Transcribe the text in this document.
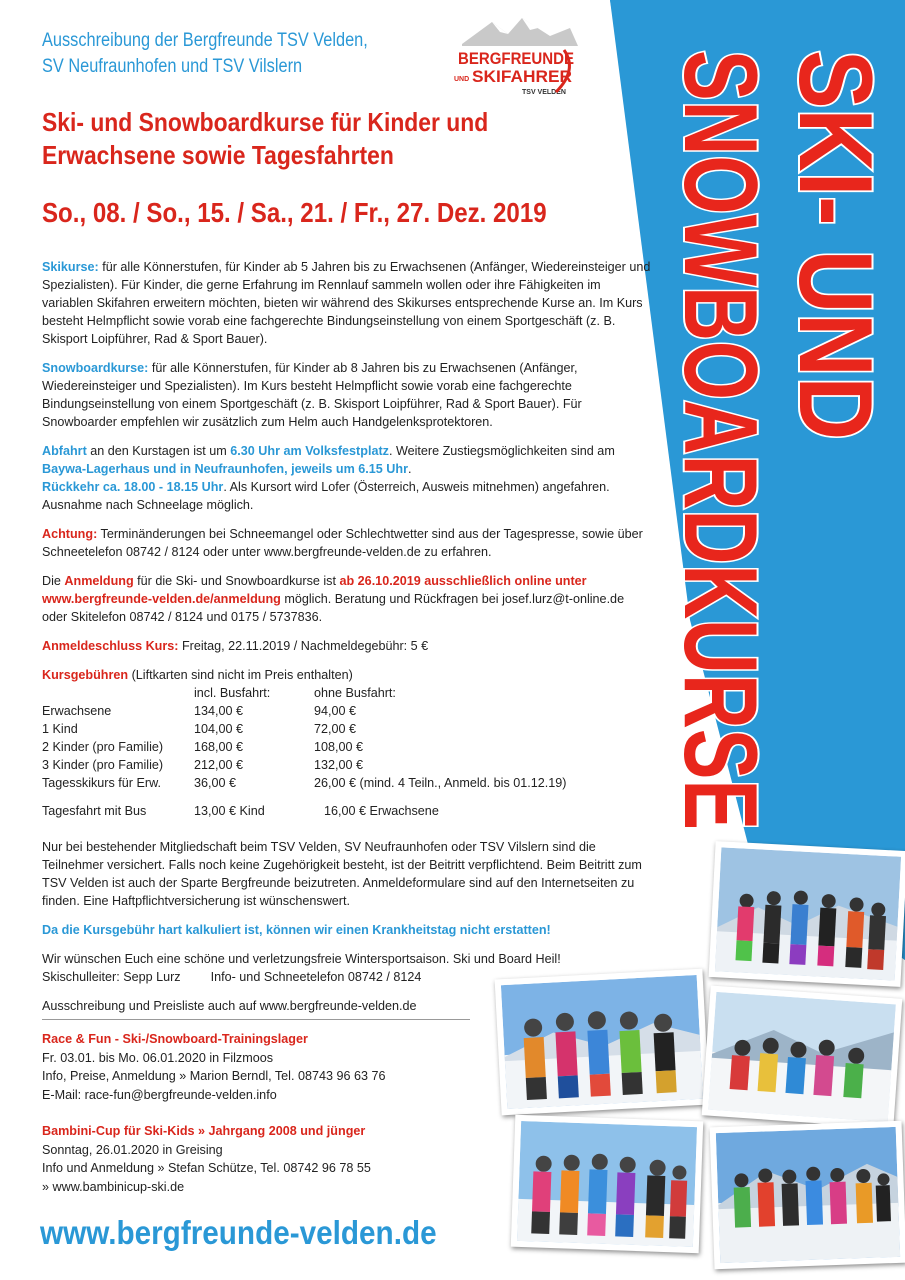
SKI- UND
SNOWBOARDKURSE
Ausschreibung der Bergfreunde TSV Velden,
SV Neufraunhofen und TSV Vilslern	BERGFREUNDE
UND SKIFAHRER
TSV VELDEN
Ski- und Snowboardkurse für Kinder und
Erwachsene sowie Tagesfahrten
So., 08. / So., 15. / Sa., 21. / Fr., 27. Dez. 2019

Skikurse: für alle Könnerstufen, für Kinder ab 5 Jahren bis zu Erwachsenen (Anfänger, Wiedereinsteiger und Spezialisten). Für Kinder, die gerne Erfahrung im Rennlauf sammeln wollen oder ihre Fähigkeiten im variablen Skifahren erweitern möchten, bieten wir während des Skikurses entsprechende Kurse an. Im Kurs besteht Helmpflicht sowie vorab eine fachgerechte Bindungseinstellung von einem Sportgeschäft (z. B. Skisport Loipführer, Rad & Sport Bauer).

Snowboardkurse: für alle Könnerstufen, für Kinder ab 8 Jahren bis zu Erwachsenen (Anfänger, Wiedereinsteiger und Spezialisten). Im Kurs besteht Helmpflicht sowie vorab eine fachgerechte Bindungseinstellung von einem Sportgeschäft (z. B. Skisport Loipführer, Rad & Sport Bauer). Für Snowboarder empfehlen wir zusätzlich zum Helm auch Handgelenksprotektoren.

Abfahrt an den Kurstagen ist um 6.30 Uhr am Volksfestplatz. Weitere Zustiegsmöglichkeiten sind am Baywa-Lagerhaus und in Neufraunhofen, jeweils um 6.15 Uhr.
Rückkehr ca. 18.00 - 18.15 Uhr. Als Kursort wird Lofer (Österreich, Ausweis mitnehmen) angefahren. Ausnahme nach Schneelage möglich.

Achtung: Terminänderungen bei Schneemangel oder Schlechtwetter sind aus der Tagespresse, sowie über Schneetelefon 08742 / 8124 oder unter www.bergfreunde-velden.de zu erfahren.

Die Anmeldung für die Ski- und Snowboardkurse ist ab 26.10.2019 ausschließlich online unter www.bergfreunde-velden.de/anmeldung möglich. Beratung und Rückfragen bei josef.lurz@t-online.de oder Skitelefon 08742 / 8124 und 0175 / 5737836.

Anmeldeschluss Kurs: Freitag, 22.11.2019 / Nachmeldegebühr: 5 €

Kursgebühren (Liftkarten sind nicht im Preis enthalten)
	incl. Busfahrt:	ohne Busfahrt:
Erwachsene	134,00 €	94,00 €
1 Kind	104,00 €	72,00 €
2 Kinder (pro Familie)	168,00 €	108,00 €
3 Kinder (pro Familie)	212,00 €	132,00 €
Tagesskikurs für Erw.	36,00 €	26,00 € (mind. 4 Teiln., Anmeld. bis 01.12.19)
Tagesfahrt mit Bus	13,00 € Kind	16,00 € Erwachsene

Nur bei bestehender Mitgliedschaft beim TSV Velden, SV Neufraunhofen oder TSV Vilslern sind die Teilnehmer versichert. Falls noch keine Zugehörigkeit besteht, ist der Beitritt verpflichtend. Beim Beitritt zum TSV Velden ist auch der Sparte Bergfreunde beizutreten. Anmeldeformulare sind auf den Internetseiten zu finden. Eine Haftpflichtversicherung ist wünschenswert.

Da die Kursgebühr hart kalkuliert ist, können wir einen Krankheitstag nicht erstatten!

Wir wünschen Euch eine schöne und verletzungsfreie Wintersportsaison. Ski und Board Heil!
Skischulleiter: Sepp Lurz Info- und Schneetelefon 08742 / 8124
Ausschreibung und Preisliste auch auf www.bergfreunde-velden.de
Race & Fun - Ski-/Snowboard-Trainingslager
Fr. 03.01. bis Mo. 06.01.2020 in Filzmoos
Info, Preise, Anmeldung » Marion Berndl, Tel. 08743 96 63 76
E-Mail: race-fun@bergfreunde-velden.info
Bambini-Cup für Ski-Kids » Jahrgang 2008 und jünger
Sonntag, 26.01.2020 in Greising
Info und Anmeldung » Stefan Schütze, Tel. 08742 96 78 55
» www.bambinicup-ski.de
www.bergfreunde-velden.de
